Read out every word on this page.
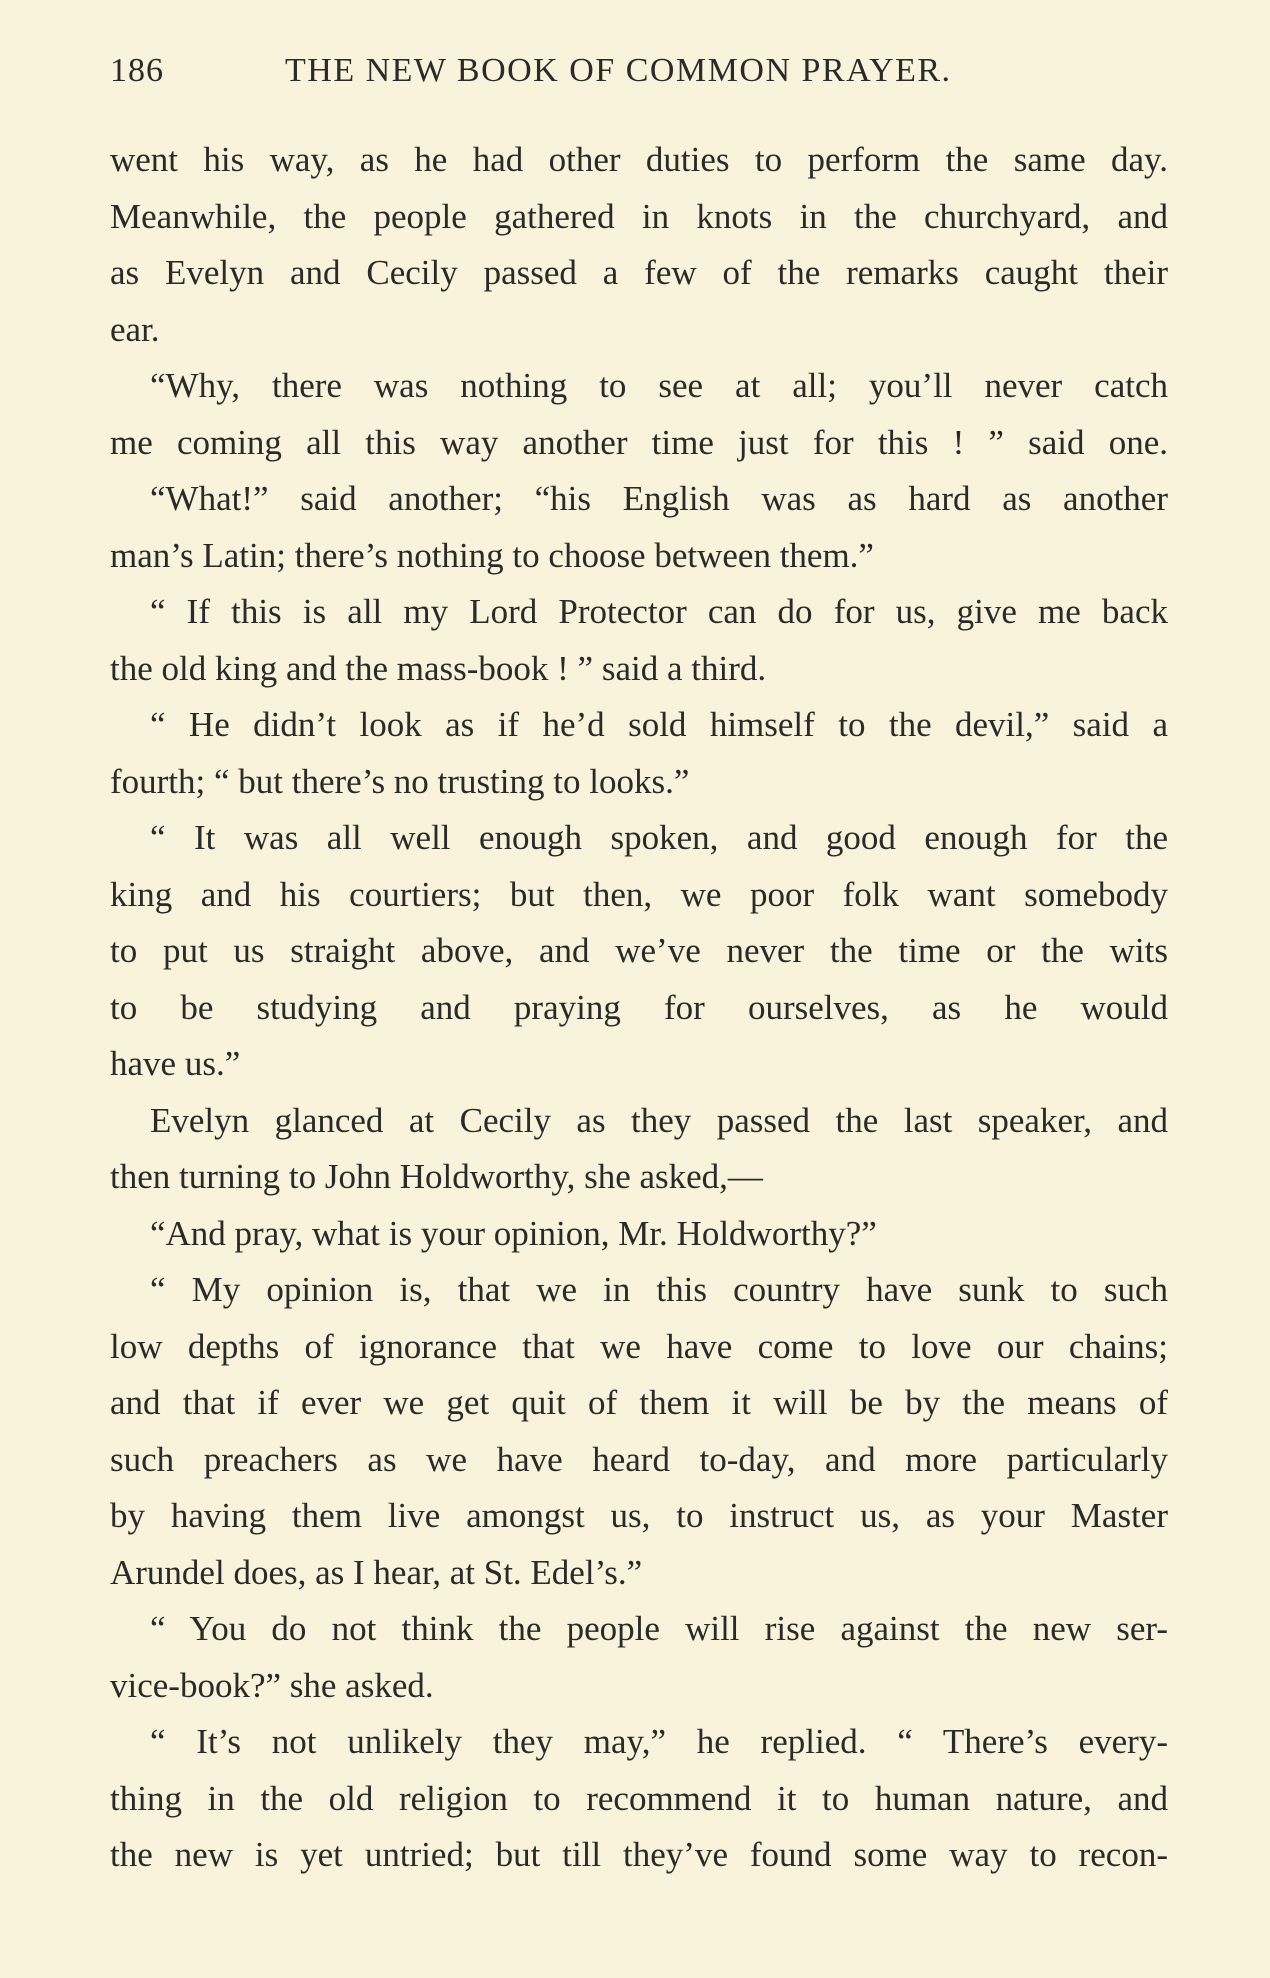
186	THE NEW BOOK OF COMMON PRAYER.
went his way, as he had other duties to perform the same day.
Meanwhile, the people gathered in knots in the churchyard, and
as Evelyn and Cecily passed a few of the remarks caught their
ear.
“Why, there was nothing to see at all; you’ll never catch
me coming all this way another time just for this ! ” said one.
“What!” said another; “his English was as hard as another
man’s Latin; there’s nothing to choose between them.”
“ If this is all my Lord Protector can do for us, give me back
the old king and the mass-book ! ” said a third.
“ He didn’t look as if he’d sold himself to the devil,” said a
fourth; “ but there’s no trusting to looks.”
“ It was all well enough spoken, and good enough for the
king and his courtiers; but then, we poor folk want somebody
to put us straight above, and we’ve never the time or the wits
to be studying and praying for ourselves, as he would
have us.”
Evelyn glanced at Cecily as they passed the last speaker, and
then turning to John Holdworthy, she asked,—
“And pray, what is your opinion, Mr. Holdworthy?”
“ My opinion is, that we in this country have sunk to such
low depths of ignorance that we have come to love our chains;
and that if ever we get quit of them it will be by the means of
such preachers as we have heard to-day, and more particularly
by having them live amongst us, to instruct us, as your Master
Arundel does, as I hear, at St. Edel’s.”
“ You do not think the people will rise against the new ser-
vice-book?” she asked.
“ It’s not unlikely they may,” he replied. “ There’s every-
thing in the old religion to recommend it to human nature, and
the new is yet untried; but till they’ve found some way to recon-
